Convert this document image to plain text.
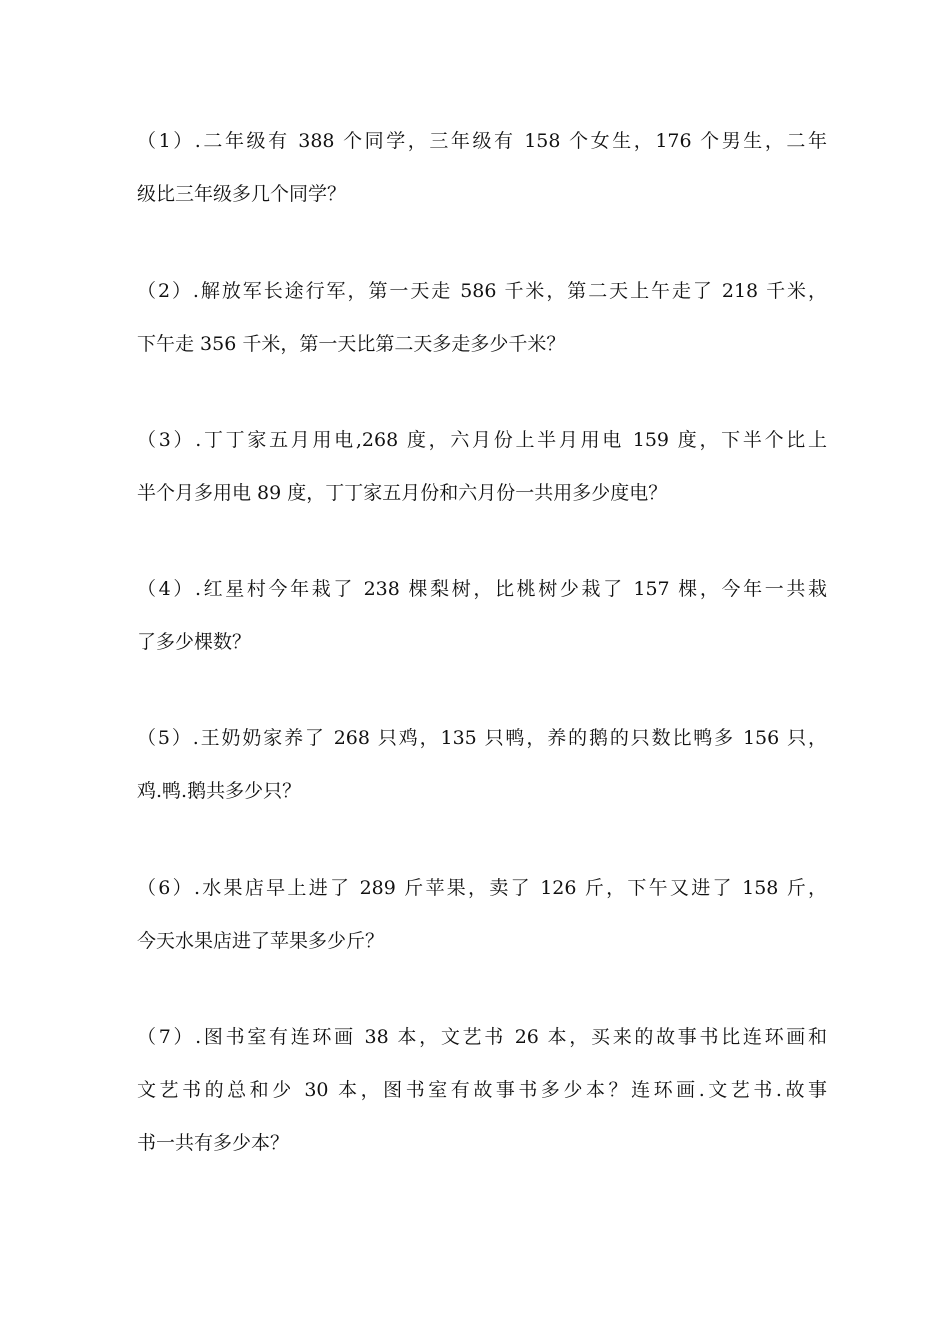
（1）.二年级有 388 个同学，三年级有 158 个女生，176 个男生，二年
级比三年级多几个同学？
（2）.解放军长途行军，第一天走 586 千米，第二天上午走了 218 千米，
下午走 356 千米，第一天比第二天多走多少千米？
（3）.丁丁家五月用电,268 度，六月份上半月用电 159 度，下半个比上
半个月多用电 89 度，丁丁家五月份和六月份一共用多少度电？
（4）.红星村今年栽了 238 棵梨树，比桃树少栽了 157 棵，今年一共栽
了多少棵数？
（5）.王奶奶家养了 268 只鸡，135 只鸭，养的鹅的只数比鸭多 156 只，
鸡.鸭.鹅共多少只？
（6）.水果店早上进了 289 斤苹果，卖了 126 斤，下午又进了 158 斤，
今天水果店进了苹果多少斤？
（7）.图书室有连环画 38 本，文艺书 26 本，买来的故事书比连环画和
文艺书的总和少 30 本，图书室有故事书多少本？连环画.文艺书.故事
书一共有多少本？
